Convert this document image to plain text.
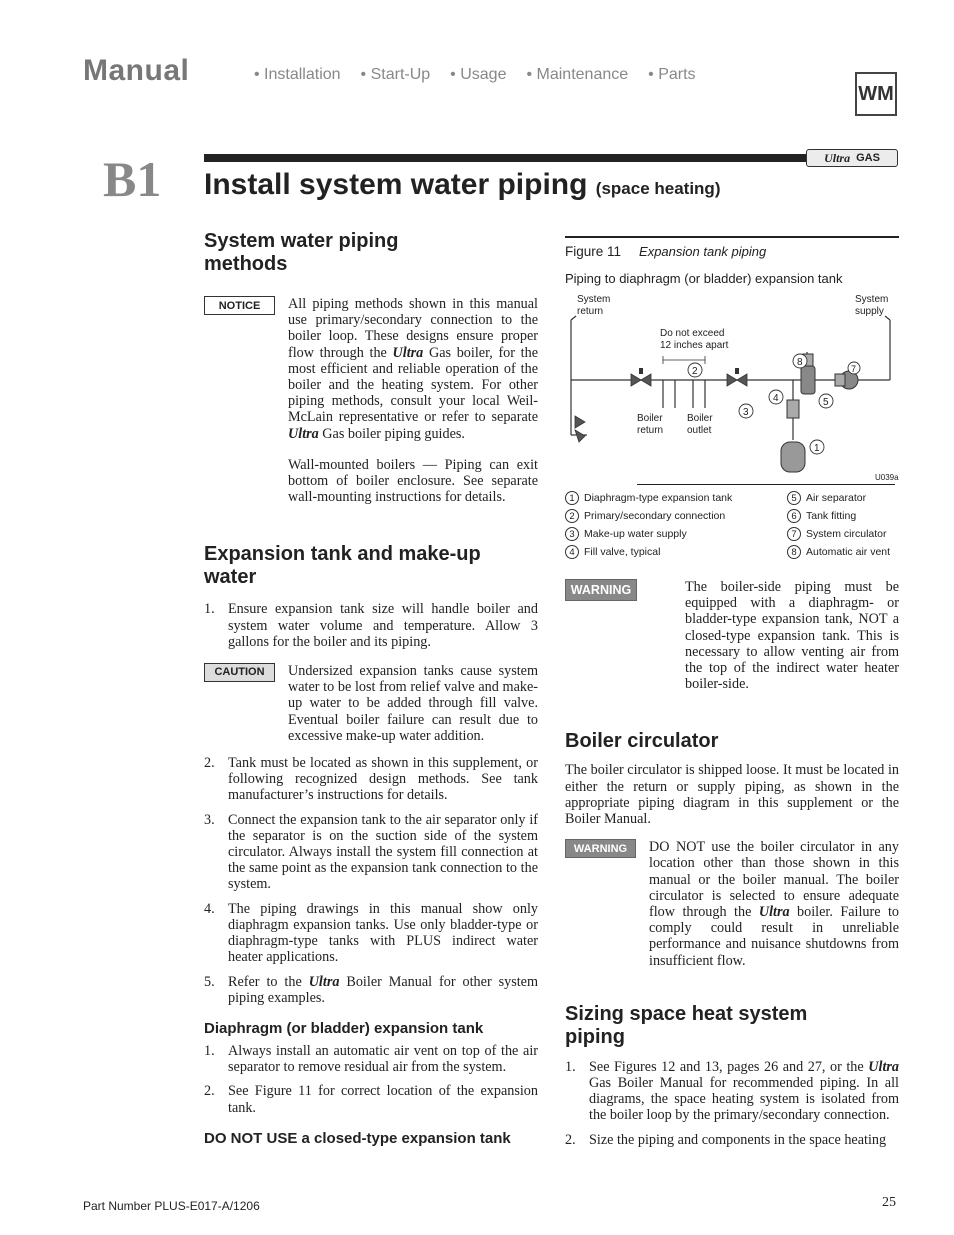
Manual	• Installation • Start-Up • Usage • Maintenance • Parts
WM
B1	Ultra GAS
Install system water piping (space heating)
System water piping methods
NOTICE	All piping methods shown in this manual use primary/secondary connection to the boiler loop. These designs ensure proper flow through the Ultra Gas boiler, for the most efficient and reliable operation of the boiler and the heating system. For other piping methods, consult your local Weil-McLain representative or refer to separate Ultra Gas boiler piping guides.

Wall-mounted boilers — Piping can exit bottom of boiler enclosure. See separate wall-mounting instructions for details.

Expansion tank and make-up water
1. Ensure expansion tank size will handle boiler and system water volume and temperature. Allow 3 gallons for the boiler and its piping.
CAUTION	Undersized expansion tanks cause system water to be lost from relief valve and make-up water to be added through fill valve. Eventual boiler failure can result due to excessive make-up water addition.
2. Tank must be located as shown in this supplement, or following recognized design methods. See tank manufacturer’s instructions for details.
3. Connect the expansion tank to the air separator only if the separator is on the suction side of the system circulator. Always install the system fill connection at the same point as the expansion tank connection to the system.
4. The piping drawings in this manual show only diaphragm expansion tanks. Use only bladder-type or diaphragm-type tanks with PLUS indirect water heater applications.
5. Refer to the Ultra Boiler Manual for other system piping examples.
Diaphragm (or bladder) expansion tank
1. Always install an automatic air vent on top of the air separator to remove residual air from the system.
2. See Figure 11 for correct location of the expansion tank.
DO NOT USE a closed-type expansion tank
Figure 11 Expansion tank piping
Piping to diaphragm (or bladder) expansion tank
System
return
System
supply
Do not exceed
12 inches apart
Boiler
return
Boiler
outlet
U039a
1
2
3
4	5
7
8
1 Diaphragm-type expansion tank	5 Air separator
2 Primary/secondary connection	6 Tank fitting
3 Make-up water supply	7 System circulator
4 Fill valve, typical	8 Automatic air vent
WARNING	The boiler-side piping must be equipped with a diaphragm- or bladder-type expansion tank, NOT a closed-type expansion tank. This is necessary to allow venting air from the top of the indirect water heater boiler-side.
Boiler circulator

The boiler circulator is shipped loose. It must be located in either the return or supply piping, as shown in the appropriate piping diagram in this supplement or the Boiler Manual.

WARNING	DO NOT use the boiler circulator in any location other than those shown in this manual or the boiler manual. The boiler circulator is selected to ensure adequate flow through the Ultra boiler. Failure to comply could result in unreliable performance and nuisance shutdowns from insufficient flow.
Sizing space heat system piping
1. See Figures 12 and 13, pages 26 and 27, or the Ultra Gas Boiler Manual for recommended piping. In all diagrams, the space heating system is isolated from the boiler loop by the primary/secondary connection.
2. Size the piping and components in the space heating
Part Number PLUS-E017-A/1206	25
